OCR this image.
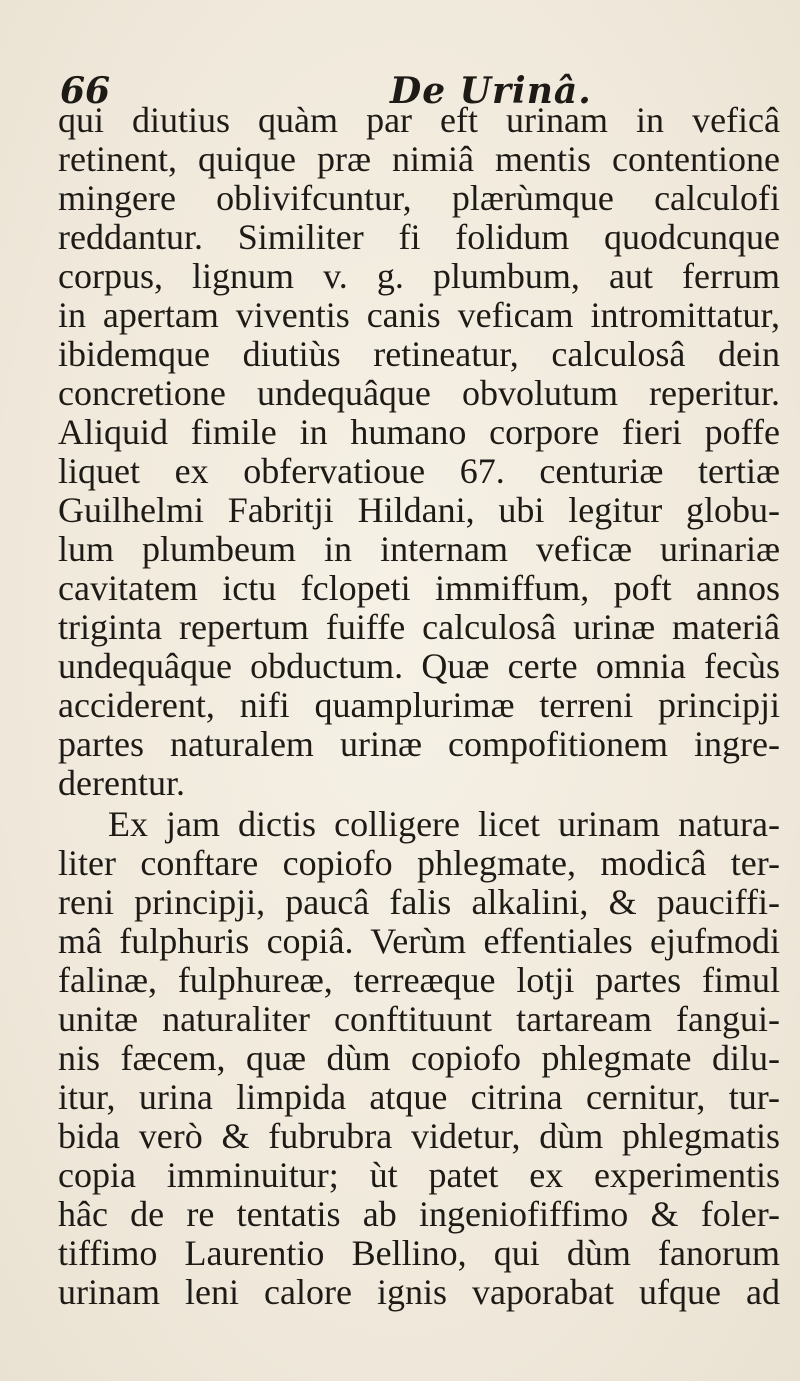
66	De Urinâ.
qui diutius quàm par eft urinam in veficâ
retinent, quique præ nimiâ mentis contentione
mingere oblivifcuntur, plærùmque calculofi
reddantur. Similiter fi folidum quodcunque
corpus, lignum v. g. plumbum, aut ferrum
in apertam viventis canis veficam intromittatur,
ibidemque diutiùs retineatur, calculosâ dein
concretione undequâque obvolutum reperitur.
Aliquid fimile in humano corpore fieri poffe
liquet ex obfervatioue 67. centuriæ tertiæ
Guilhelmi Fabritji Hildani, ubi legitur globu-
lum plumbeum in internam veficæ urinariæ
cavitatem ictu fclopeti immiffum, poft annos
triginta repertum fuiffe calculosâ urinæ materiâ
undequâque obductum. Quæ certe omnia fecùs
acciderent, nifi quamplurimæ terreni principji
partes naturalem urinæ compofitionem ingre-
derentur.
Ex jam dictis colligere licet urinam natura-
liter conftare copiofo phlegmate, modicâ ter-
reni principji, paucâ falis alkalini, & pauciffi-
mâ fulphuris copiâ. Verùm effentiales ejufmodi
falinæ, fulphureæ, terreæque lotji partes fimul
unitæ naturaliter conftituunt tartaream fangui-
nis fæcem, quæ dùm copiofo phlegmate dilu-
itur, urina limpida atque citrina cernitur, tur-
bida verò & fubrubra videtur, dùm phlegmatis
copia imminuitur; ùt patet ex experimentis
hâc de re tentatis ab ingeniofiffimo & foler-
tiffimo Laurentio Bellino, qui dùm fanorum
urinam leni calore ignis vaporabat ufque ad
